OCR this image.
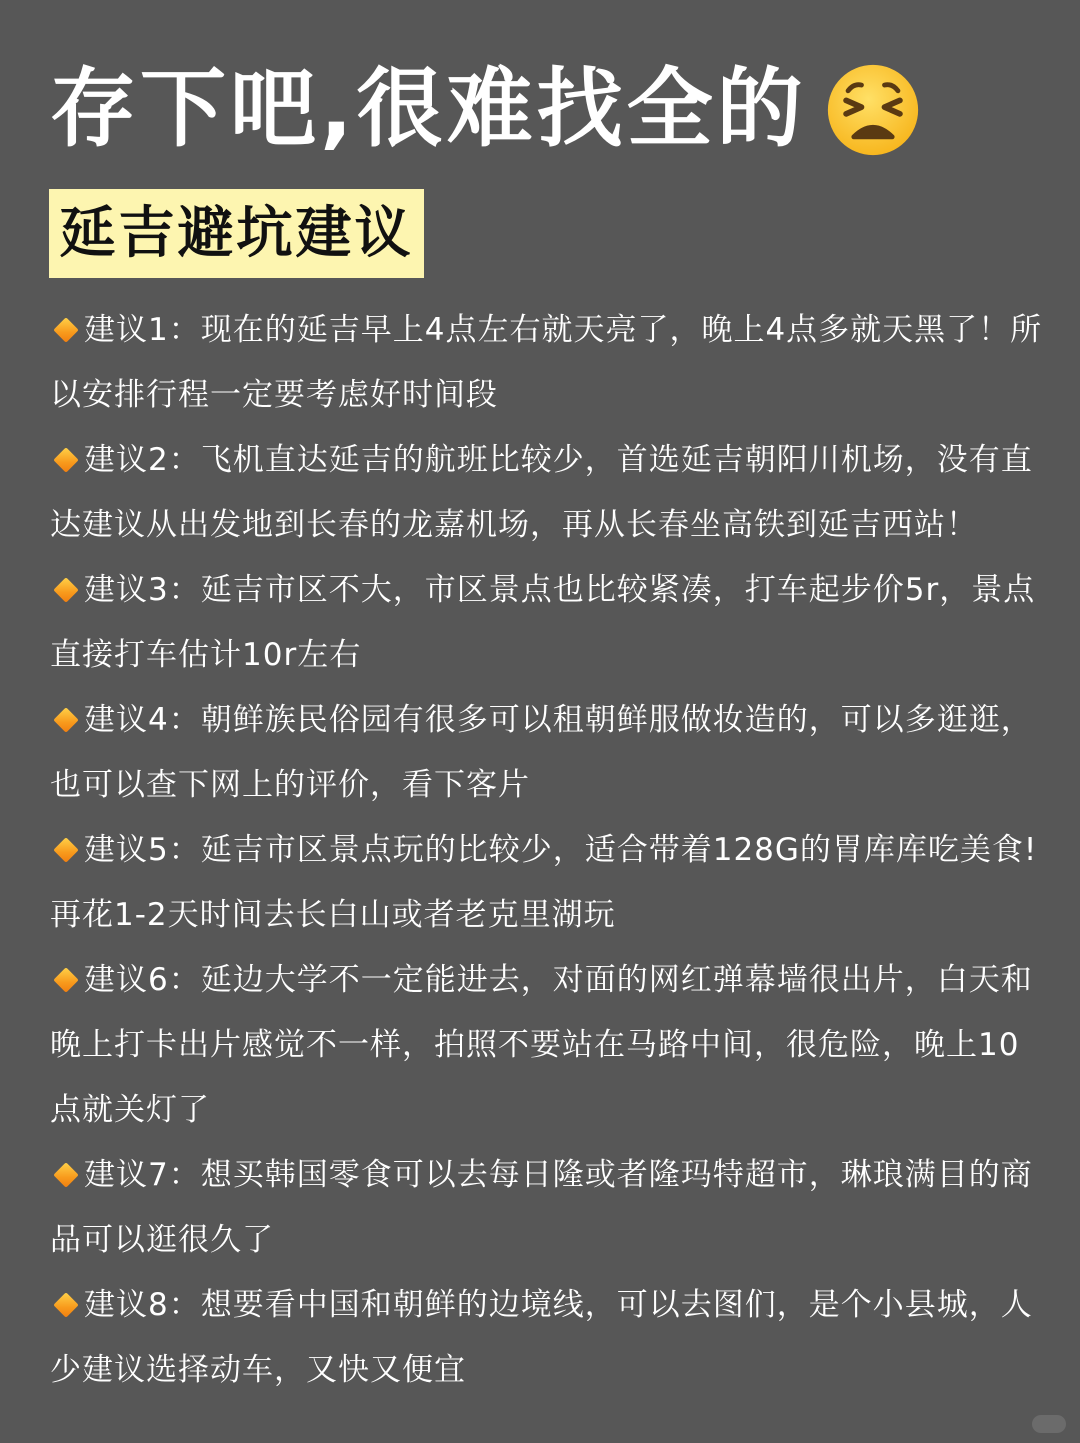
存下吧,很难找全的
延吉避坑建议

建议1：现在的延吉早上4点左右就天亮了，晚上4点多就天黑了！所以安排行程一定要考虑好时间段

建议2：飞机直达延吉的航班比较少，首选延吉朝阳川机场，没有直达建议从出发地到长春的龙嘉机场，再从长春坐高铁到延吉西站！

建议3：延吉市区不大，市区景点也比较紧凑，打车起步价5r，景点直接打车估计10r左右

建议4：朝鲜族民俗园有很多可以租朝鲜服做妆造的，可以多逛逛，也可以查下网上的评价，看下客片

建议5：延吉市区景点玩的比较少，适合带着128G的胃库库吃美食!再花1-2天时间去长白山或者老克里湖玩

建议6：延边大学不一定能进去，对面的网红弹幕墙很出片，白天和晚上打卡出片感觉不一样，拍照不要站在马路中间，很危险，晚上10点就关灯了

建议7：想买韩国零食可以去每日隆或者隆玛特超市，琳琅满目的商品可以逛很久了

建议8：想要看中国和朝鲜的边境线，可以去图们，是个小县城，人少建议选择动车，又快又便宜
